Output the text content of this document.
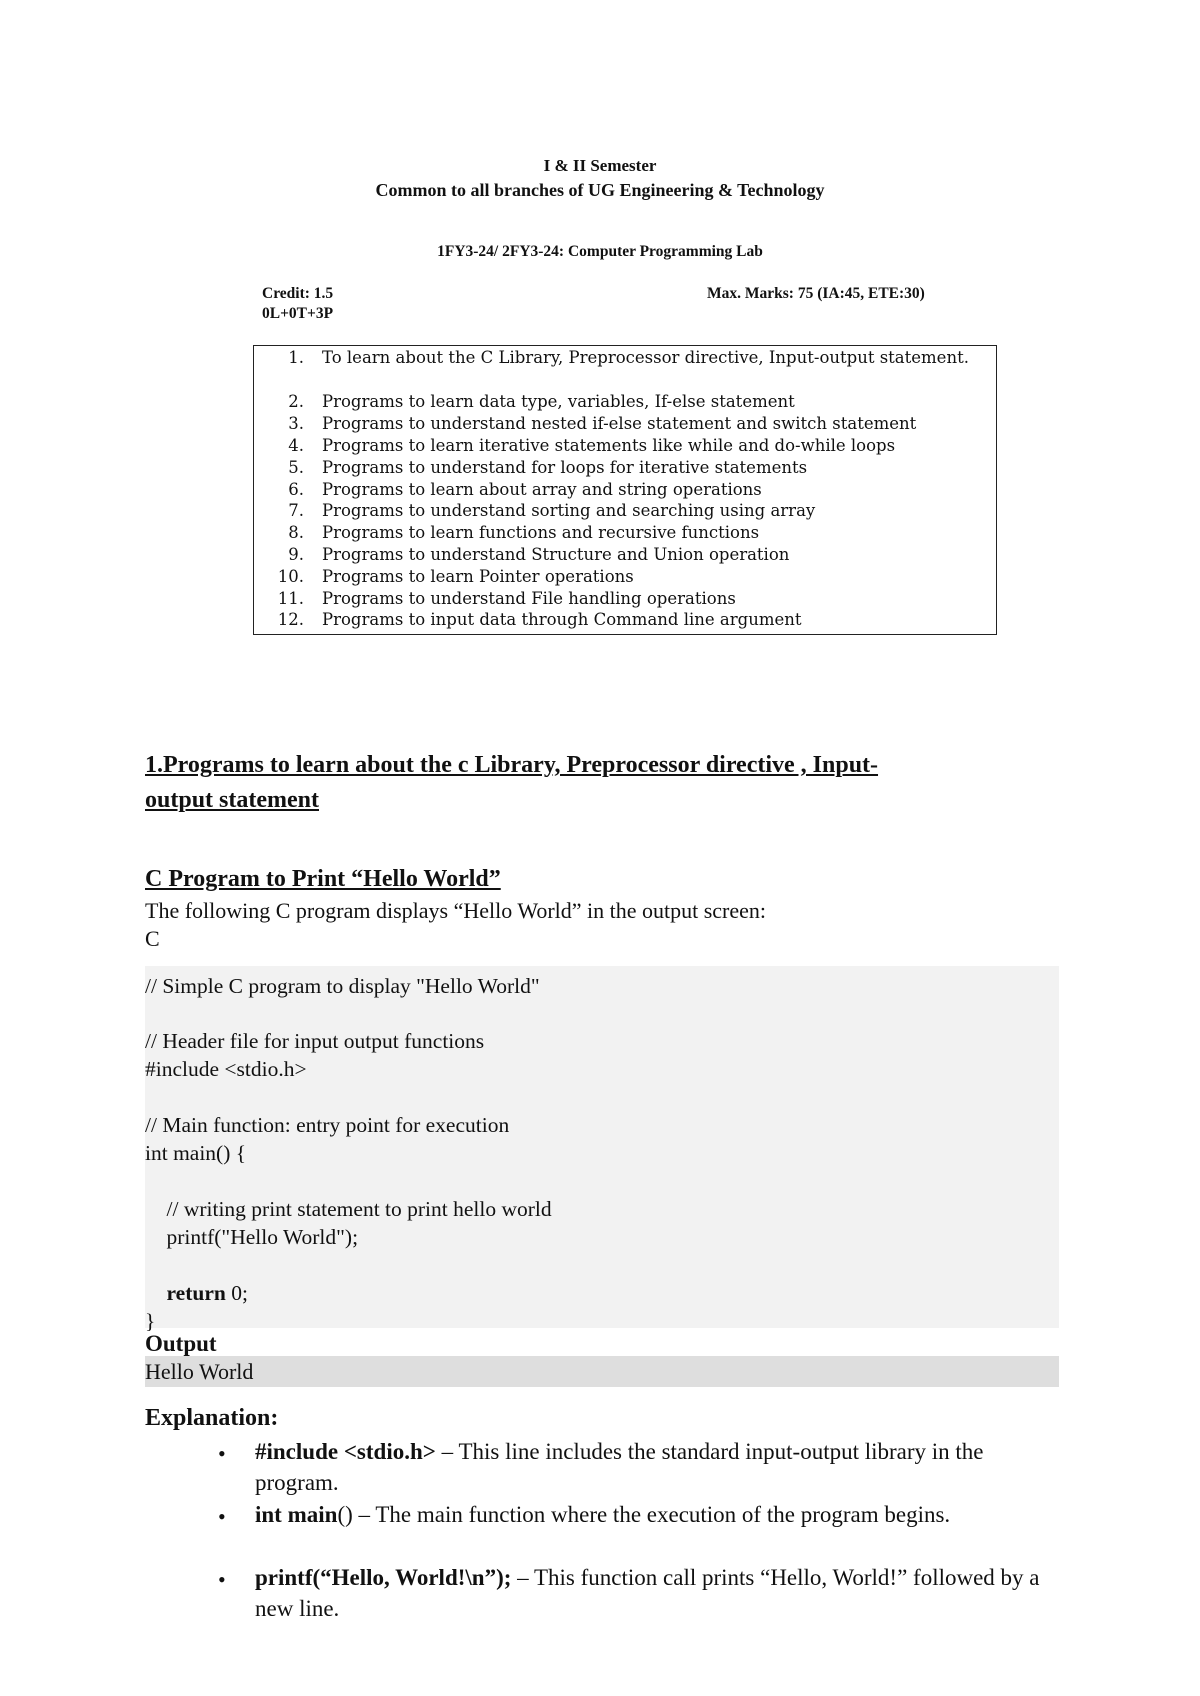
I & II Semester
Common to all branches of UG Engineering & Technology
1FY3-24/ 2FY3-24: Computer Programming Lab
Credit: 1.5	Max. Marks: 75 (IA:45, ETE:30)
0L+0T+3P
1. To learn about the C Library, Preprocessor directive, Input-output statement.
2. Programs to learn data type, variables, If-else statement
3. Programs to understand nested if-else statement and switch statement
4. Programs to learn iterative statements like while and do-while loops
5. Programs to understand for loops for iterative statements
6. Programs to learn about array and string operations
7. Programs to understand sorting and searching using array
8. Programs to learn functions and recursive functions
9. Programs to understand Structure and Union operation
10. Programs to learn Pointer operations
11. Programs to understand File handling operations
12. Programs to input data through Command line argument
1.Programs to learn about the c Library, Preprocessor directive , Input-
output statement
C Program to Print “Hello World”
The following C program displays “Hello World” in the output screen:
C
// Simple C program to display "Hello World"
// Header file for input output functions
#include <stdio.h>
// Main function: entry point for execution
int main() {
// writing print statement to print hello world
printf("Hello World");
return 0;
}
Output
Hello World
Explanation:
• #include <stdio.h> – This line includes the standard input-output library in the program.
• int main() – The main function where the execution of the program begins.
• printf(“Hello, World!\n”); – This function call prints “Hello, World!” followed by a new line.
